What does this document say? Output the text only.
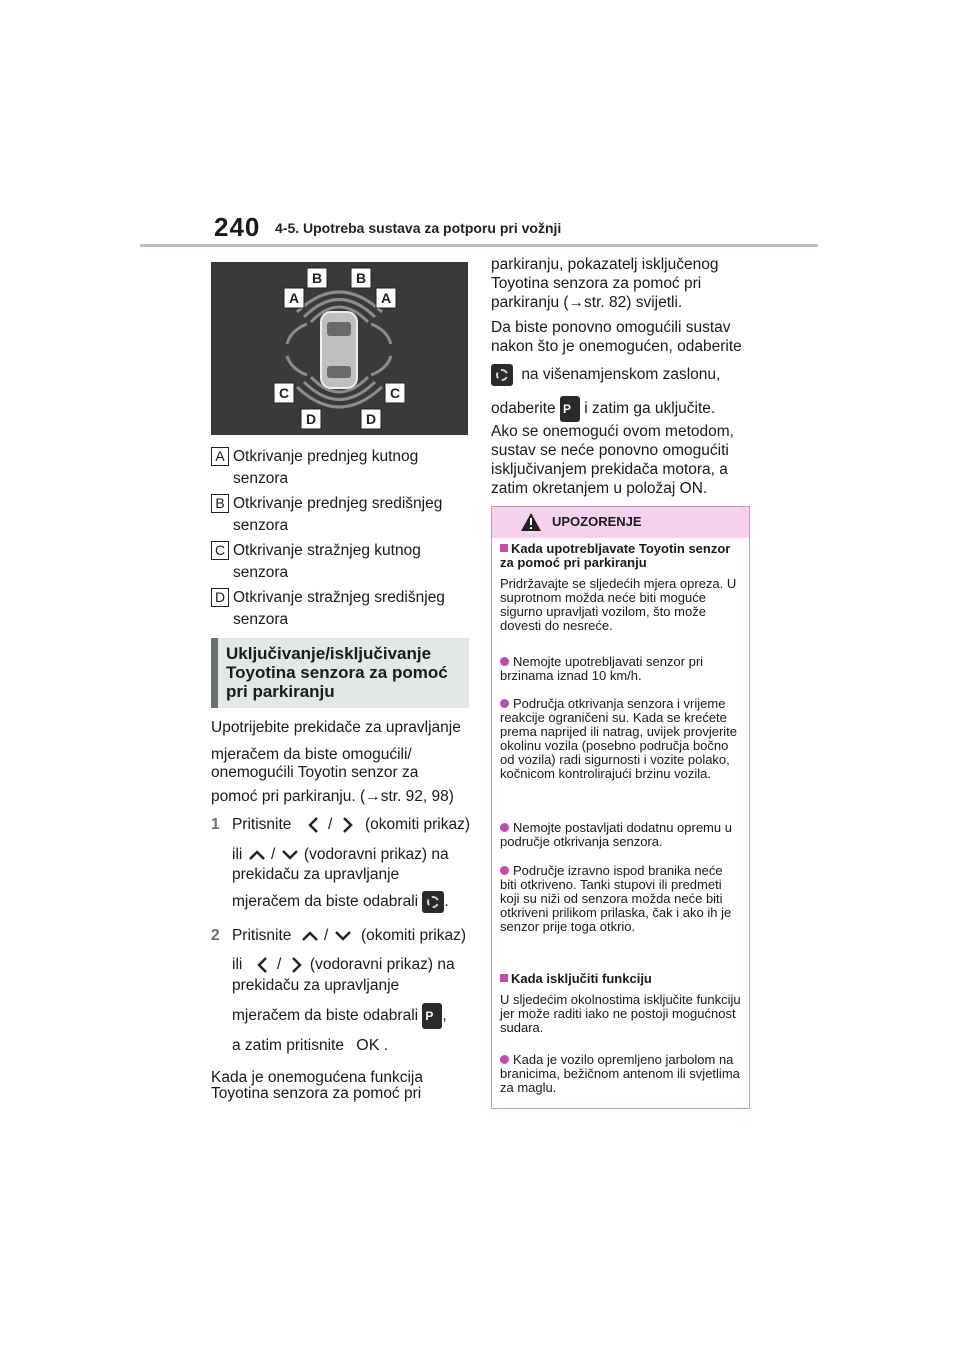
240 4-5. Upotreba sustava za potporu pri vožnji
A
B B
A
C	C
D	D
A Otkrivanje prednjeg kutnog senzora
B Otkrivanje prednjeg središnjeg senzora
C Otkrivanje stražnjeg kutnog senzora
D Otkrivanje stražnjeg središnjeg senzora
Uključivanje/isključivanje Toyotina senzora za pomoć pri parkiranju
Upotrijebite prekidače za upravljanje
mjeračem da biste omogućili/
onemogućili Toyotin senzor za
pomoć pri parkiranju. (→str. 92, 98)
1 Pritisnite / (okomiti prikaz)
ili / (vodoravni prikaz) na
prekidaču za upravljanje
mjeračem da biste odabrali .
2 Pritisnite / (okomiti prikaz)
ili / (vodoravni prikaz) na
prekidaču za upravljanje
mjeračem da biste odabrali P ,
a zatim pritisnite OK .
Kada je onemogućena funkcija
Toyotina senzora za pomoć pri
parkiranju, pokazatelj isključenog
Toyotina senzora za pomoć pri
parkiranju (→str. 82) svijetli.
Da biste ponovno omogućili sustav
nakon što je onemogućen, odaberite
na višenamjenskom zaslonu,
odaberite P i zatim ga uključite.
Ako se onemogući ovom metodom,
sustav se neće ponovno omogućiti
isključivanjem prekidača motora, a
zatim okretanjem u položaj ON.
UPOZORENJE
Kada upotrebljavate Toyotin senzor za pomoć pri parkiranju
Pridržavajte se sljedećih mjera opreza. U suprotnom možda neće biti moguće sigurno upravljati vozilom, što može dovesti do nesreće.
Nemojte upotrebljavati senzor pri brzinama iznad 10 km/h.
Područja otkrivanja senzora i vrijeme reakcije ograničeni su. Kada se krećete prema naprijed ili natrag, uvijek provjerite okolinu vozila (posebno područja bočno od vozila) radi sigurnosti i vozite polako, kočnicom kontrolirajući brzinu vozila.
Nemojte postavljati dodatnu opremu u područje otkrivanja senzora.
Područje izravno ispod branika neće biti otkriveno. Tanki stupovi ili predmeti koji su niži od senzora možda neće biti otkriveni prilikom prilaska, čak i ako ih je senzor prije toga otkrio.
Kada isključiti funkciju
U sljedećim okolnostima isključite funkciju jer može raditi iako ne postoji mogućnost sudara.
Kada je vozilo opremljeno jarbolom na branicima, bežičnom antenom ili svjetlima za maglu.
